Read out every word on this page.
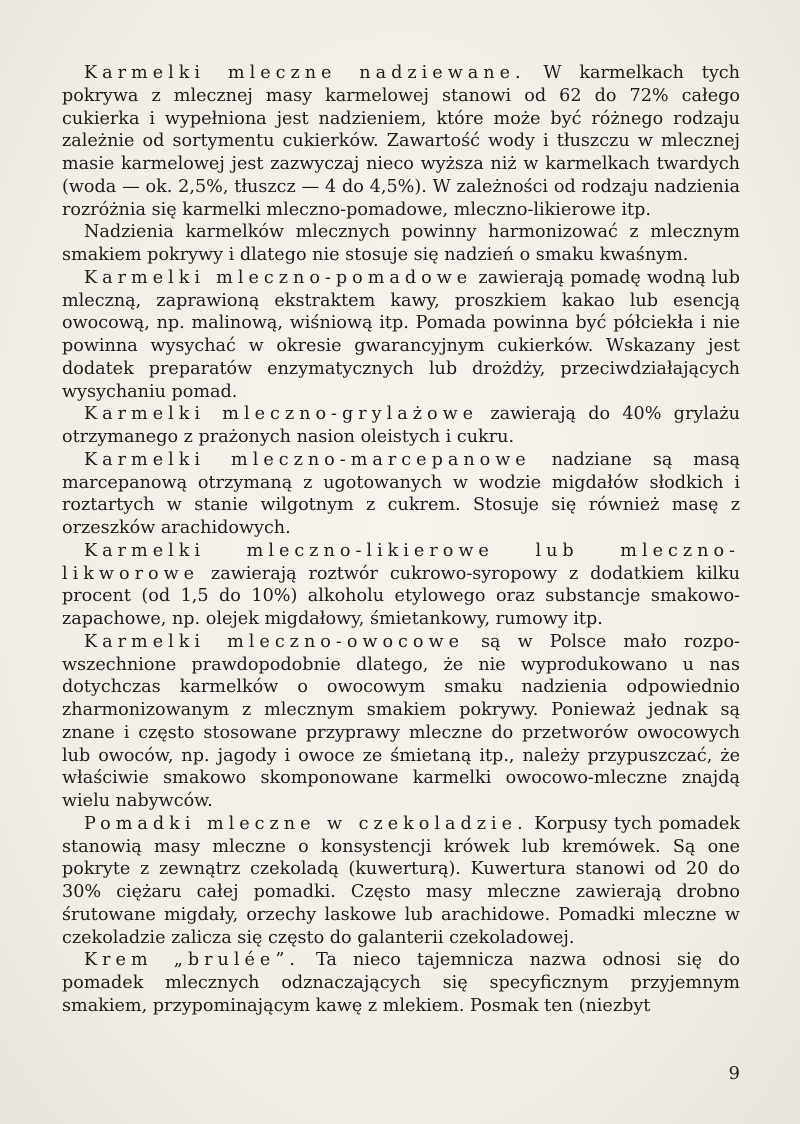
Karmelki mleczne nadziewane. W karmelkach tych pokrywa z mlecznej masy karmelowej stanowi od 62 do 72% całego cukierka i wypełniona jest nadzieniem, które może być różnego rodzaju zależnie od sortymentu cukierków. Zawartość wody i tłuszczu w mlecznej masie karmelowej jest zazwyczaj nieco wyższa niż w karmelkach twardych (woda — ok. 2,5%, tłuszcz — 4 do 4,5%). W zależności od rodzaju nadzienia rozróżnia się karmelki mleczno-pomadowe, mleczno-likierowe itp.

Nadzienia karmelków mlecznych powinny harmonizować z mlecznym smakiem pokrywy i dlatego nie stosuje się nadzień o smaku kwaśnym.

Karmelki mleczno-pomadowe zawierają pomadę wodną lub mleczną, zaprawioną ekstraktem kawy, proszkiem kakao lub esencją owocową, np. malinową, wiśniową itp. Pomada powinna być półciekła i nie powinna wysychać w okresie gwarancyjnym cukierków. Wskazany jest dodatek preparatów enzymatycznych lub drożdży, przeciwdziałających wysychaniu pomad.

Karmelki mleczno-grylażowe zawierają do 40% grylażu otrzymanego z prażonych nasion oleistych i cukru.

Karmelki mleczno-marcepanowe nadziane są masą marcepanową otrzymaną z ugotowanych w wodzie migdałów słodkich i roztartych w stanie wilgotnym z cukrem. Stosuje się również masę z orzeszków arachidowych.

Karmelki mleczno-likierowe lub mleczno-likworowe zawierają roztwór cukrowo-syropowy z dodatkiem kilku procent (od 1,5 do 10%) alkoholu etylowego oraz substancje smakowo-zapachowe, np. olejek migdałowy, śmietankowy, rumowy itp.

Karmelki mleczno-owocowe są w Polsce mało rozpowszechnione prawdopodobnie dlatego, że nie wyprodukowano u nas dotychczas karmelków o owocowym smaku nadzienia odpowiednio zharmonizowanym z mlecznym smakiem pokrywy. Ponieważ jednak są znane i często stosowane przyprawy mleczne do przetworów owocowych lub owoców, np. jagody i owoce ze śmietaną itp., należy przypuszczać, że właściwie smakowo skomponowane karmelki owocowo-mleczne znajdą wielu nabywców.

Pomadki mleczne w czekoladzie. Korpusy tych pomadek stanowią masy mleczne o konsystencji krówek lub kremówek. Są one pokryte z zewnątrz czekoladą (kuwerturą). Kuwertura stanowi od 20 do 30% ciężaru całej pomadki. Często masy mleczne zawierają drobno śrutowane migdały, orzechy laskowe lub arachidowe. Pomadki mleczne w czekoladzie zalicza się często do galanterii czekoladowej.

Krem „brulée”. Ta nieco tajemnicza nazwa odnosi się do pomadek mlecznych odznaczających się specyficznym przyjemnym smakiem, przypominającym kawę z mlekiem. Posmak ten (niezbyt

9
